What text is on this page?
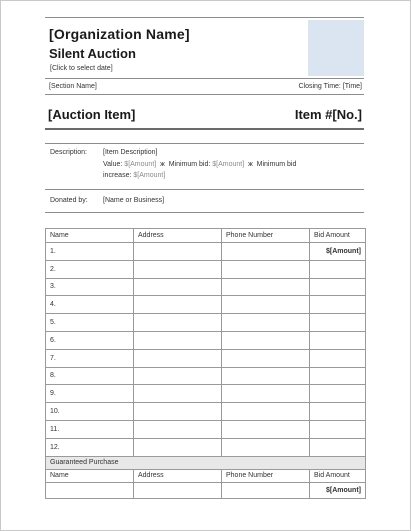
[Organization Name]
Silent Auction
[Click to select date]
[Section Name]	Closing Time: [Time]
[Auction Item]	Item #[No.]
Description: [Item Description]
Value: $[Amount] ж Minimum bid: $[Amount] ж Minimum bid
increase: $[Amount]
Donated by: [Name or Business]
Name	Address	Phone Number	Bid Amount
1.			$[Amount]
2.			
3.			
4.			
5.			
6.			
7.			
8.			
9.			
10.			
11.			
12.			
Guaranteed Purchase			
Name	Address	Phone Number	Bid Amount
			$[Amount]
